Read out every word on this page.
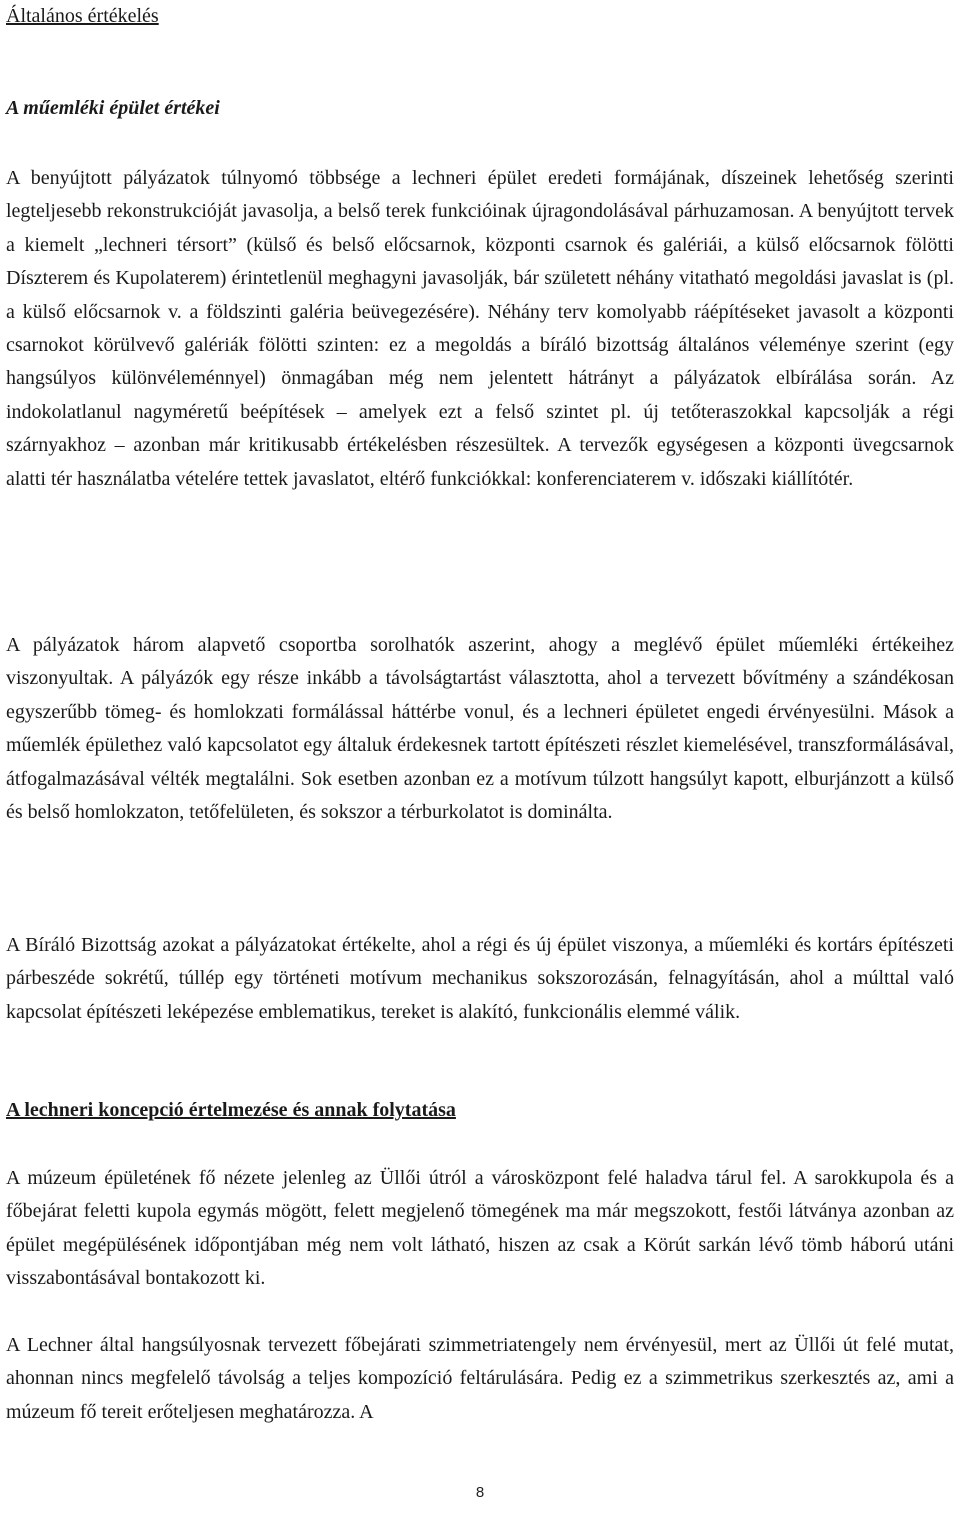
Általános értékelés
A műemléki épület értékei

A benyújtott pályázatok túlnyomó többsége a lechneri épület eredeti formájának, díszeinek lehetőség szerinti legteljesebb rekonstrukcióját javasolja, a belső terek funkcióinak újragondolásával párhuzamosan. A benyújtott tervek a kiemelt „lechneri térsort” (külső és belső előcsarnok, központi csarnok és galériái, a külső előcsarnok fölötti Díszterem és Kupolaterem) érintetlenül meghagyni javasolják, bár született néhány vitatható megoldási javaslat is (pl. a külső előcsarnok v. a földszinti galéria beüvegezésére). Néhány terv komolyabb ráépítéseket javasolt a központi csarnokot körülvevő galériák fölötti szinten: ez a megoldás a bíráló bizottság általános véleménye szerint (egy hangsúlyos különvéleménnyel) önmagában még nem jelentett hátrányt a pályázatok elbírálása során. Az indokolatlanul nagyméretű beépítések – amelyek ezt a felső szintet pl. új tetőteraszokkal kapcsolják a régi szárnyakhoz – azonban már kritikusabb értékelésben részesültek. A tervezők egységesen a központi üvegcsarnok alatti tér használatba vételére tettek javaslatot, eltérő funkciókkal: konferenciaterem v. időszaki kiállítótér.

A pályázatok három alapvető csoportba sorolhatók aszerint, ahogy a meglévő épület műemléki értékeihez viszonyultak. A pályázók egy része inkább a távolságtartást választotta, ahol a tervezett bővítmény a szándékosan egyszerűbb tömeg- és homlokzati formálással háttérbe vonul, és a lechneri épületet engedi érvényesülni. Mások a műemlék épülethez való kapcsolatot egy általuk érdekesnek tartott építészeti részlet kiemelésével, transzformálásával, átfogalmazásával vélték megtalálni. Sok esetben azonban ez a motívum túlzott hangsúlyt kapott, elburjánzott a külső és belső homlokzaton, tetőfelületen, és sokszor a térburkolatot is dominálta.

A Bíráló Bizottság azokat a pályázatokat értékelte, ahol a régi és új épület viszonya, a műemléki és kortárs építészeti párbeszéde sokrétű, túllép egy történeti motívum mechanikus sokszorozásán, felnagyításán, ahol a múlttal való kapcsolat építészeti leképezése emblematikus, tereket is alakító, funkcionális elemmé válik.

A lechneri koncepció értelmezése és annak folytatása

A múzeum épületének fő nézete jelenleg az Üllői útról a városközpont felé haladva tárul fel. A sarokkupola és a főbejárat feletti kupola egymás mögött, felett megjelenő tömegének ma már megszokott, festői látványa azonban az épület megépülésének időpontjában még nem volt látható, hiszen az csak a Körút sarkán lévő tömb háború utáni visszabontásával bontakozott ki.

A Lechner által hangsúlyosnak tervezett főbejárati szimmetriatengely nem érvényesül, mert az Üllői út felé mutat, ahonnan nincs megfelelő távolság a teljes kompozíció feltárulására. Pedig ez a szimmetrikus szerkesztés az, ami a múzeum fő tereit erőteljesen meghatározza. A

8
